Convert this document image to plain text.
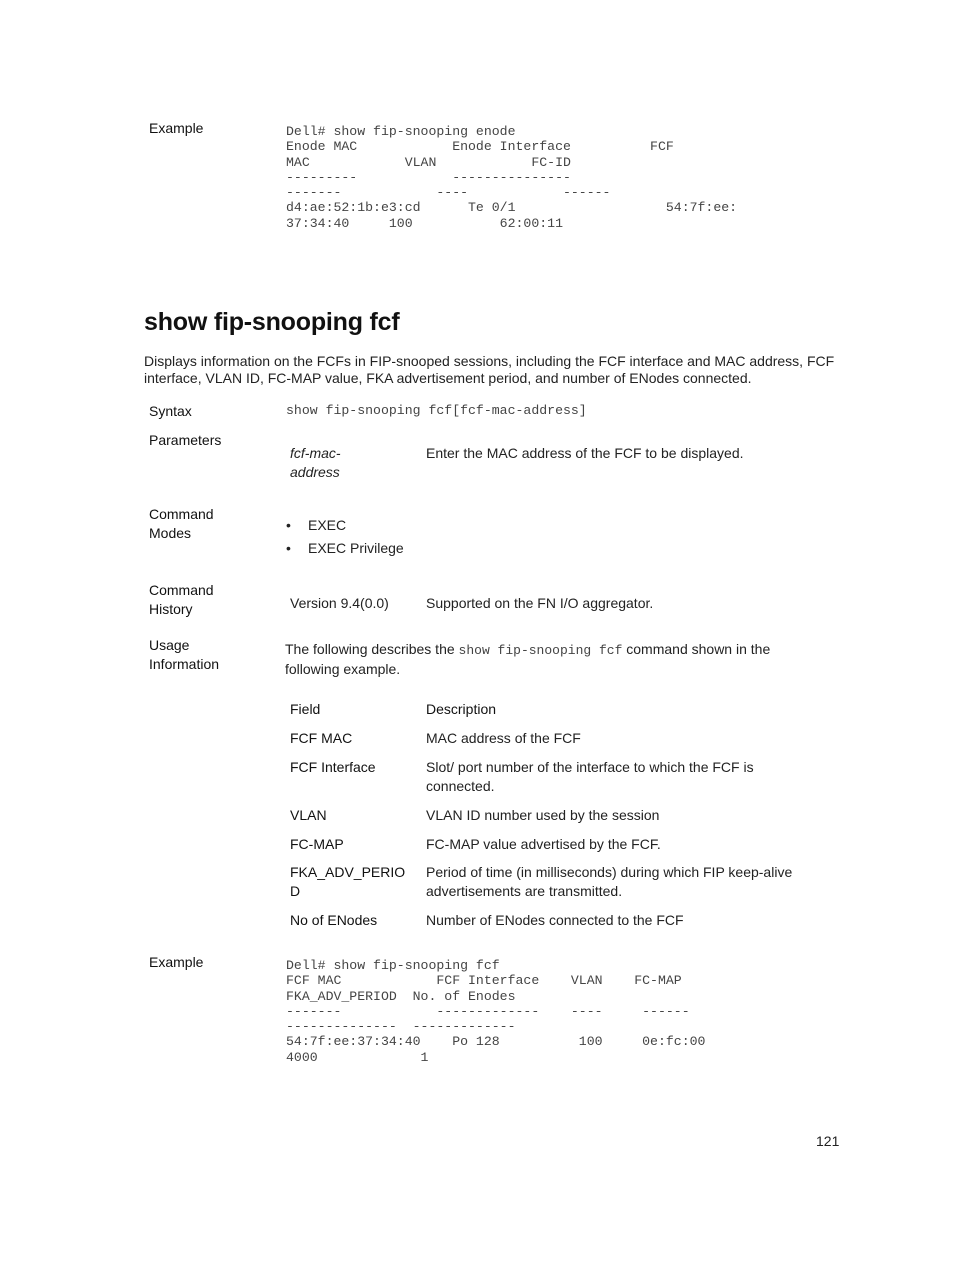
Example	Dell# show fip-snooping enode
Enode MAC            Enode Interface          FCF
MAC            VLAN            FC-ID
---------            ---------------
-------            ----            ------
d4:ae:52:1b:e3:cd      Te 0/1                   54:7f:ee:
37:34:40     100           62:00:11
show fip-snooping fcf
Displays information on the FCFs in FIP-snooped sessions, including the FCF interface and MAC address, FCF interface, VLAN ID, FC-MAP value, FKA advertisement period, and number of ENodes connected.
Syntax	show fip-snooping fcf[fcf-mac-address]
Parameters
fcf-mac-
address
Enter the MAC address of the FCF to be displayed.
Command
Modes
•	EXEC
• EXEC Privilege
Command
History	Version 9.4(0.0)	Supported on the FN I/O aggregator.
Usage
Information
The following describes the show fip-snooping fcf command shown in the following example.
Field	Description
FCF MAC	MAC address of the FCF
FCF Interface	Slot/ port number of the interface to which the FCF is connected.
VLAN	VLAN ID number used by the session
FC-MAP	FC-MAP value advertised by the FCF.
FKA_ADV_PERIO
D
Period of time (in milliseconds) during which FIP keep-alive advertisements are transmitted.
No of ENodes	Number of ENodes connected to the FCF
Example	Dell# show fip-snooping fcf
FCF MAC            FCF Interface    VLAN    FC-MAP
FKA_ADV_PERIOD  No. of Enodes
-------            -------------    ----     ------
--------------  -------------
54:7f:ee:37:34:40    Po 128          100     0e:fc:00
4000             1
121
